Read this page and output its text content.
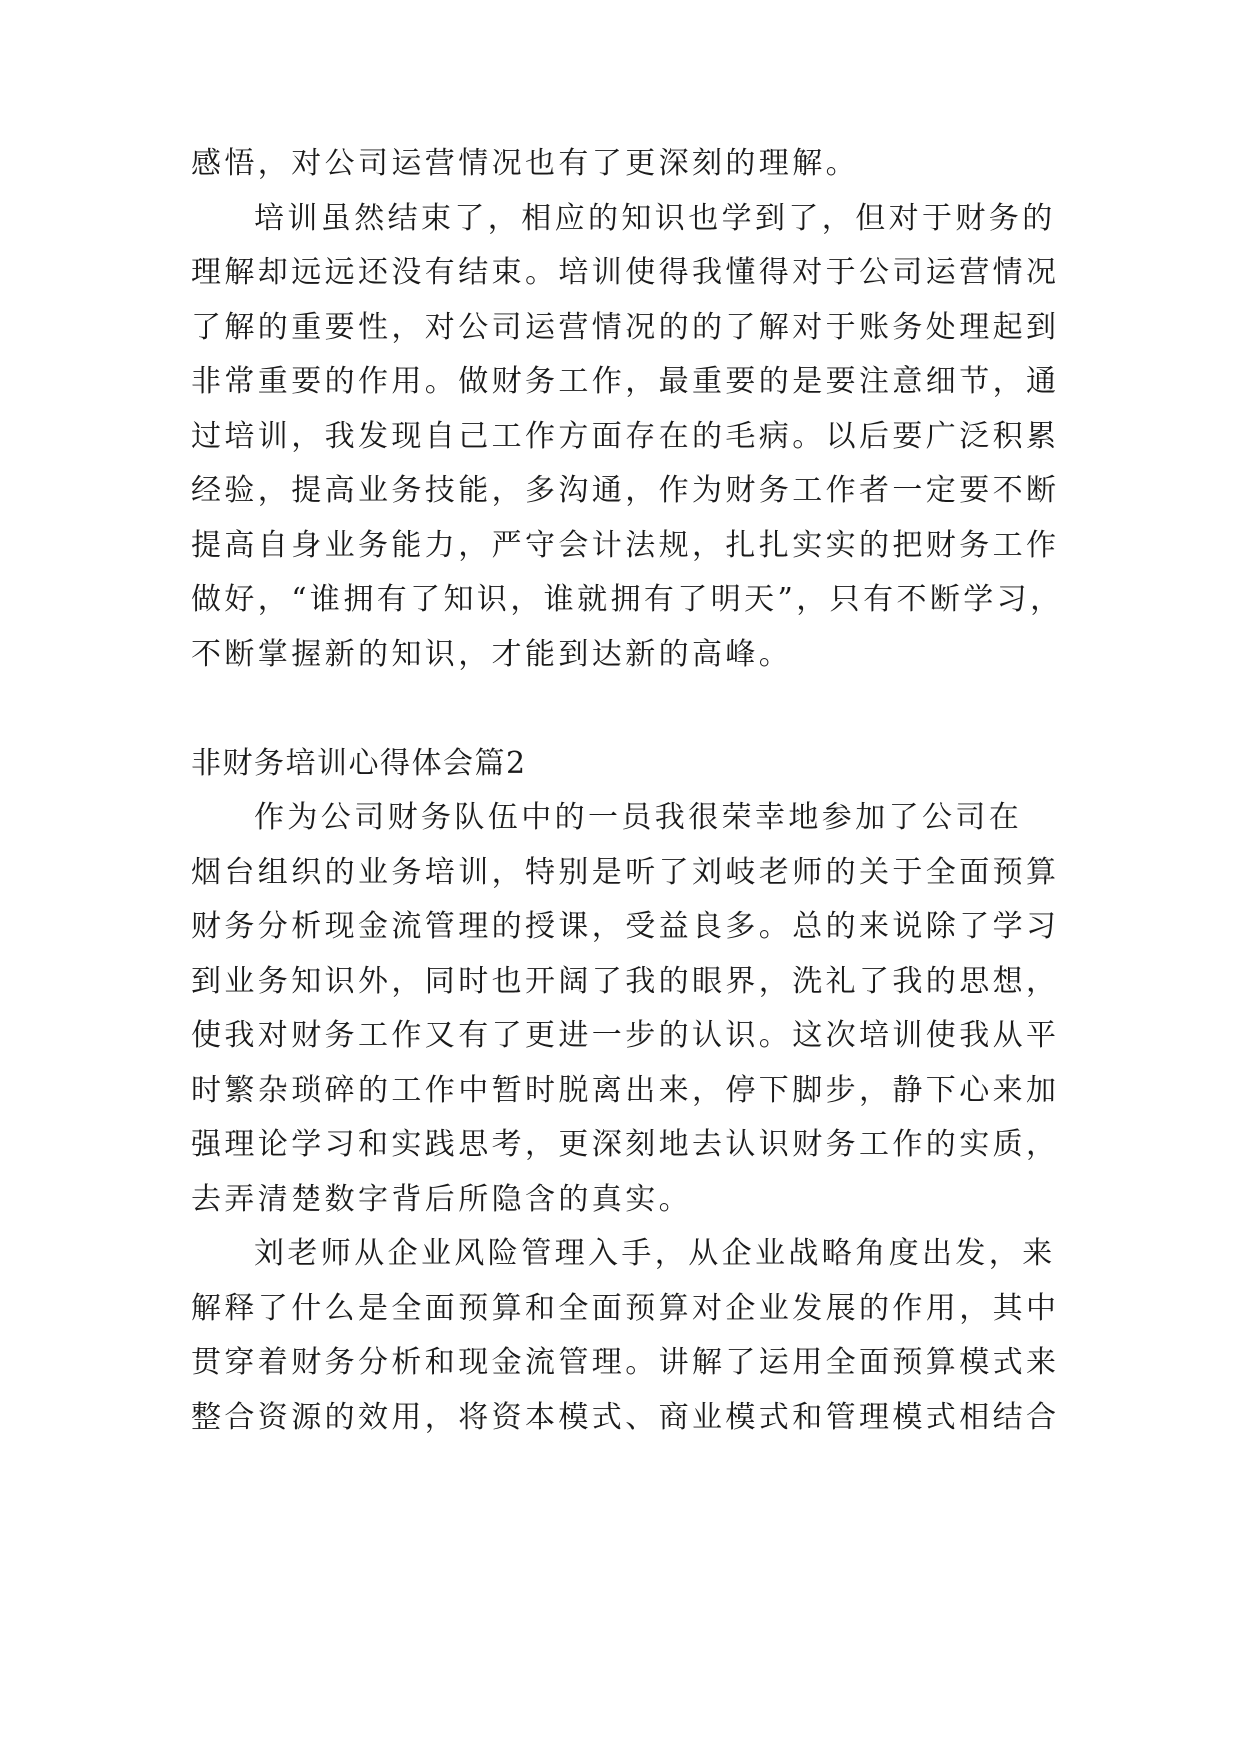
感悟，对公司运营情况也有了更深刻的理解。
培训虽然结束了，相应的知识也学到了，但对于财务的
理解却远远还没有结束。培训使得我懂得对于公司运营情况
了解的重要性，对公司运营情况的的了解对于账务处理起到
非常重要的作用。做财务工作，最重要的是要注意细节，通
过培训，我发现自己工作方面存在的毛病。以后要广泛积累
经验，提高业务技能，多沟通，作为财务工作者一定要不断
提高自身业务能力，严守会计法规，扎扎实实的把财务工作
做好，“谁拥有了知识，谁就拥有了明天”，只有不断学习，
不断掌握新的知识，才能到达新的高峰。
非财务培训心得体会篇2
作为公司财务队伍中的一员我很荣幸地参加了公司在
烟台组织的业务培训，特别是听了刘岐老师的关于全面预算
财务分析现金流管理的授课，受益良多。总的来说除了学习
到业务知识外，同时也开阔了我的眼界，洗礼了我的思想，
使我对财务工作又有了更进一步的认识。这次培训使我从平
时繁杂琐碎的工作中暂时脱离出来，停下脚步，静下心来加
强理论学习和实践思考，更深刻地去认识财务工作的实质，
去弄清楚数字背后所隐含的真实。
刘老师从企业风险管理入手，从企业战略角度出发，来
解释了什么是全面预算和全面预算对企业发展的作用，其中
贯穿着财务分析和现金流管理。讲解了运用全面预算模式来
整合资源的效用，将资本模式、商业模式和管理模式相结合
